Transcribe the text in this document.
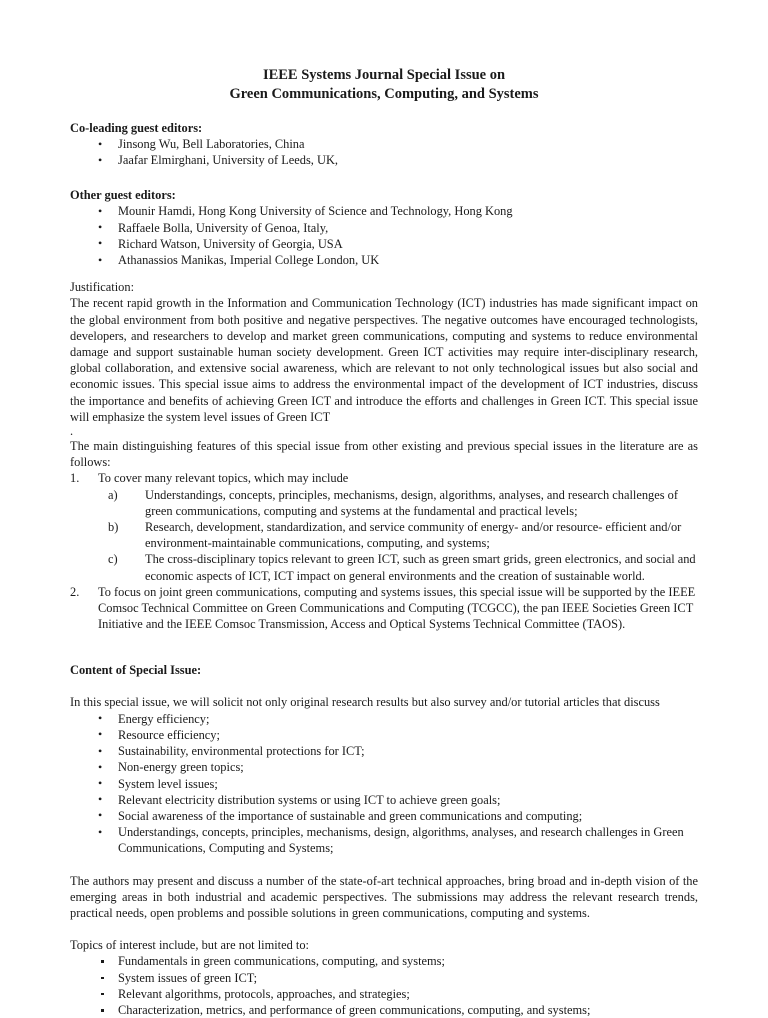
IEEE Systems Journal Special Issue on
Green Communications, Computing, and Systems
Co-leading guest editors:
• Jinsong Wu, Bell Laboratories, China
• Jaafar Elmirghani, University of Leeds, UK,
Other guest editors:
• Mounir Hamdi, Hong Kong University of Science and Technology, Hong Kong
• Raffaele Bolla, University of Genoa, Italy,
• Richard Watson, University of Georgia, USA
• Athanassios Manikas, Imperial College London, UK

Justification:

The recent rapid growth in the Information and Communication Technology (ICT) industries has made significant impact on the global environment from both positive and negative perspectives. The negative outcomes have encouraged technologists, developers, and researchers to develop and market green communications, computing and systems to reduce environmental damage and support sustainable human society development. Green ICT activities may require inter-disciplinary research, global collaboration, and extensive social awareness, which are relevant to not only technological issues but also social and economic issues. This special issue aims to address the environmental impact of the development of ICT industries, discuss the importance and benefits of achieving Green ICT and introduce the efforts and challenges in Green ICT. This special issue will emphasize the system level issues of Green ICT

.

The main distinguishing features of this special issue from other existing and previous special issues in the literature are as follows:

1.	To cover many relevant topics, which may include
a)	Understandings, concepts, principles, mechanisms, design, algorithms, analyses, and research challenges of green communications, computing and systems at the fundamental and practical levels;
b)	Research, development, standardization, and service community of energy- and/or resource- efficient and/or environment-maintainable communications, computing, and systems;
c)	The cross-disciplinary topics relevant to green ICT, such as green smart grids, green electronics, and social and economic aspects of ICT, ICT impact on general environments and the creation of sustainable world.
2.	To focus on joint green communications, computing and systems issues, this special issue will be supported by the IEEE Comsoc Technical Committee on Green Communications and Computing (TCGCC), the pan IEEE Societies Green ICT Initiative and the IEEE Comsoc Transmission, Access and Optical Systems Technical Committee (TAOS).
Content of Special Issue:

In this special issue, we will solicit not only original research results but also survey and/or tutorial articles that discuss

• Energy efficiency;
• Resource efficiency;
• Sustainability, environmental protections for ICT;
• Non-energy green topics;
• System level issues;
• Relevant electricity distribution systems or using ICT to achieve green goals;
• Social awareness of the importance of sustainable and green communications and computing;
• Understandings, concepts, principles, mechanisms, design, algorithms, analyses, and research challenges in Green Communications, Computing and Systems;

The authors may present and discuss a number of the state-of-art technical approaches, bring broad and in-depth vision of the emerging areas in both industrial and academic perspectives. The submissions may address the relevant research trends, practical needs, open problems and possible solutions in green communications, computing and systems.

Topics of interest include, but are not limited to:

Fundamentals in green communications, computing, and systems;
System issues of green ICT;
Relevant algorithms, protocols, approaches, and strategies;
Characterization, metrics, and performance of green communications, computing, and systems;
